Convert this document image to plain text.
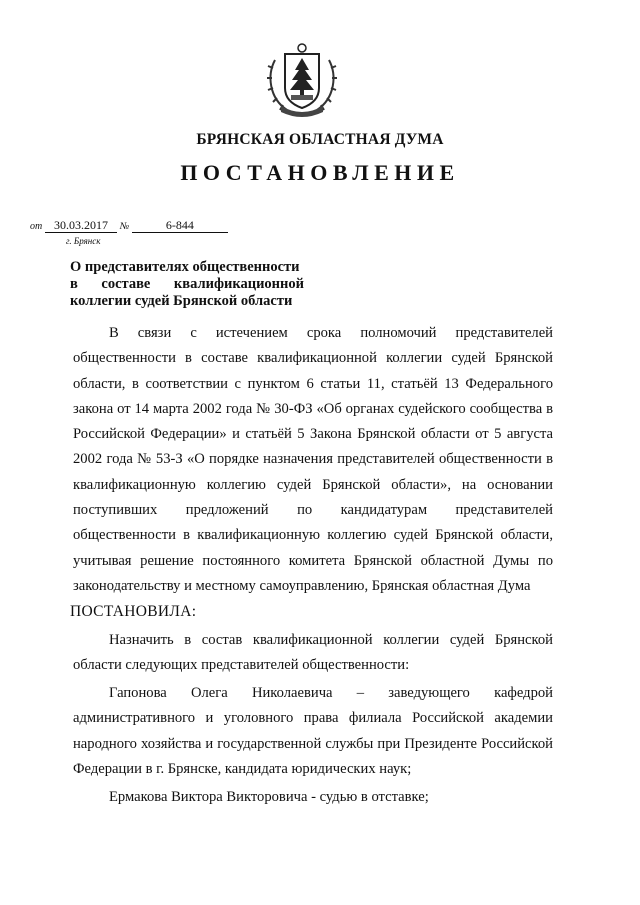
БРЯНСКАЯ ОБЛАСТНАЯ ДУМА
ПОСТАНОВЛЕНИЕ
от 30.03.2017 №	6-844
г. Брянск
О представителях общественности
в составе квалификационной
коллегии судей Брянской области

В связи с истечением срока полномочий представителей
общественности в составе квалификационной коллегии судей Брянской
области, в соответствии с пунктом 6 статьи 11, статьёй 13 Федерального
закона от 14 марта 2002 года № 30-ФЗ «Об органах судейского сообщества в
Российской Федерации» и статьёй 5 Закона Брянской области от 5 августа
2002 года № 53-З «О порядке назначения представителей общественности в
квалификационную коллегию судей Брянской области», на основании
поступивших предложений по кандидатурам представителей
общественности в квалификационную коллегию судей Брянской области,
учитывая решение постоянного комитета Брянской областной Думы по
законодательству и местному самоуправлению, Брянская областная Дума

ПОСТАНОВИЛА:

Назначить в состав квалификационной коллегии судей Брянской
области следующих представителей общественности:

Гапонова Олега Николаевича – заведующего кафедрой
административного и уголовного права филиала Российской академии
народного хозяйства и государственной службы при Президенте Российской
Федерации в г. Брянске, кандидата юридических наук;

Ермакова Виктора Викторовича - судью в отставке;
